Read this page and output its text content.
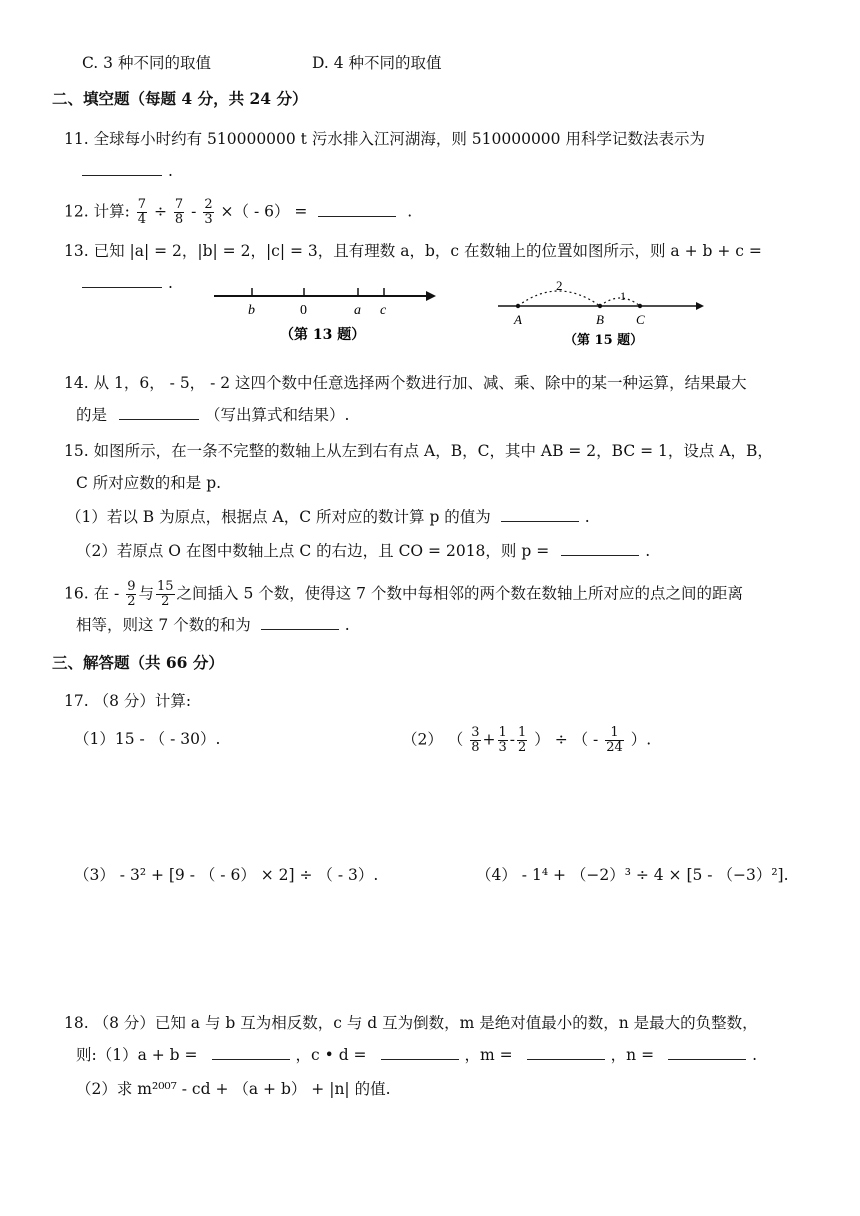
C. 3 种不同的取值	D. 4 种不同的取值
二、填空题（每题 4 分，共 24 分）
11. 全球每小时约有 510000000 t 污水排入江河湖海，则 510000000 用科学记数法表示为
.
12. 计算: $\frac{7}{4} \div \frac{7}{8} - \frac{2}{3}$ ×（ - 6） =	.
13. 已知 |a| = 2，|b| = 2，|c| = 3，且有理数 a，b，c 在数轴上的位置如图所示，则 a + b + c =
.
b	0	a c
（第 13 题）
2
1
A	B C
（第 15 题）
14. 从 1，6， - 5， - 2 这四个数中任意选择两个数进行加、减、乘、除中的某一种运算，结果最大
的是	（写出算式和结果）.
15. 如图所示，在一条不完整的数轴上从左到右有点 A，B，C，其中 AB = 2，BC = 1，设点 A，B，
C 所对应数的和是 p.
（1）若以 B 为原点，根据点 A，C 所对应的数计算 p 的值为	.
（2）若原点 O 在图中数轴上点 C 的右边，且 CO = 2018，则 p =	.
16. 在 - $\frac{9}{2}$ 与 $\frac{15}{2}$ 之间插入 5 个数，使得这 7 个数中每相邻的两个数在数轴上所对应的点之间的距离
相等，则这 7 个数的和为	.
三、解答题（共 66 分）
17. （8 分）计算:
（1）15 - （ - 30）.	（2） （ $\frac{3}{8} + \frac{1}{3} - \frac{1}{2}$ ） ÷ （ - $\frac{1}{24}$ ）.
（3） - 3² + [9 - （ - 6） × 2] ÷ （ - 3）.	（4） - 1⁴ + （−2）³ ÷ 4 × [5 - （−3）²].
18. （8 分）已知 a 与 b 互为相反数，c 与 d 互为倒数，m 是绝对值最小的数，n 是最大的负整数，
则:（1）a + b =	，c • d =	，m =	，n =	.
（2）求 m²⁰⁰⁷ - cd + （a + b） + |n| 的值.
